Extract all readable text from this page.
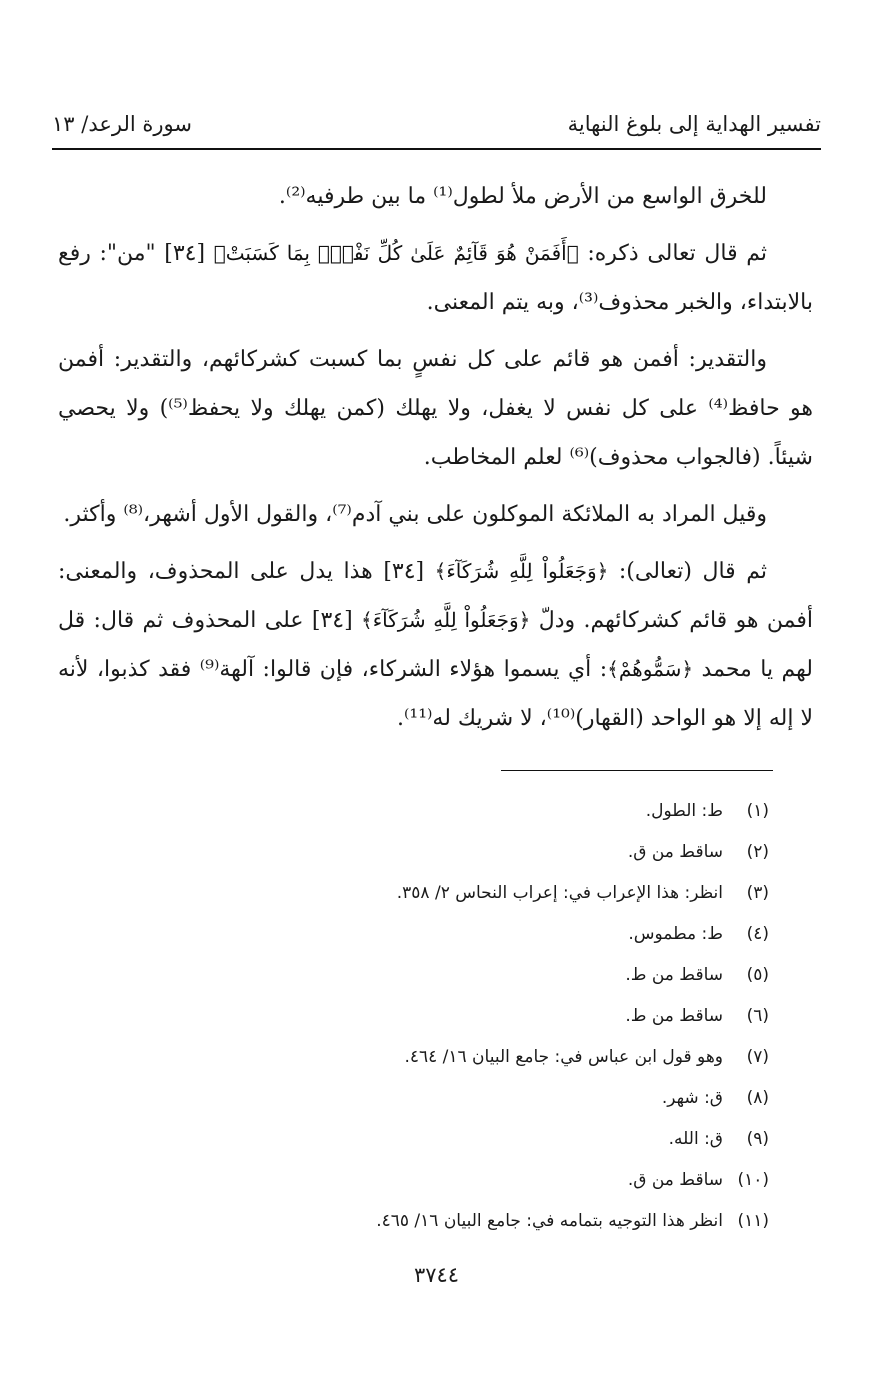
تفسير الهداية إلى بلوغ النهاية
سورة الرعد/ ١٣

للخرق الواسع من الأرض ملأ لطول⁽¹⁾ ما بين طرفيه⁽²⁾.

ثم قال تعالى ذكره: ﴿أَفَمَنْ هُوَ قَآئِمٌ عَلَىٰ كُلِّ نَفْسٍۭ بِمَا كَسَبَتْ﴾ [٣٤] "من": رفع بالابتداء، والخبر محذوف⁽³⁾، وبه يتم المعنى.

والتقدير: أفمن هو قائم على كل نفسٍ بما كسبت كشركائهم، والتقدير: أفمن هو حافظ⁽⁴⁾ على كل نفس لا يغفل، ولا يهلك (كمن يهلك ولا يحفظ⁽⁵⁾) ولا يحصي شيئاً. (فالجواب محذوف)⁽⁶⁾ لعلم المخاطب.

وقيل المراد به الملائكة الموكلون على بني آدم⁽⁷⁾، والقول الأول أشهر،⁽⁸⁾ وأكثر.

ثم قال (تعالى): ﴿وَجَعَلُواْ لِلَّهِ شُرَكَآءَ﴾ [٣٤] هذا يدل على المحذوف، والمعنى: أفمن هو قائم كشركائهم. ودلّ ﴿وَجَعَلُواْ لِلَّهِ شُرَكَآءَ﴾ [٣٤] على المحذوف ثم قال: قل لهم يا محمد ﴿سَمُّوهُمْ﴾: أي يسموا هؤلاء الشركاء، فإن قالوا: آلهة⁽⁹⁾ فقد كذبوا، لأنه لا إله إلا هو الواحد (القهار)⁽¹⁰⁾، لا شريك له⁽¹¹⁾.

(١)
ط: الطول.
(٢)
ساقط من ق.
(٣)
انظر: هذا الإعراب في: إعراب النحاس ٢/ ٣٥٨.
(٤)
ط: مطموس.
(٥)
ساقط من ط.
(٦)
ساقط من ط.
(٧)
وهو قول ابن عباس في: جامع البيان ١٦/ ٤٦٤.
(٨)
ق: شهر.
(٩)
ق: الله.
(١٠)
ساقط من ق.
(١١)
انظر هذا التوجيه بتمامه في: جامع البيان ١٦/ ٤٦٥.
٣٧٤٤
